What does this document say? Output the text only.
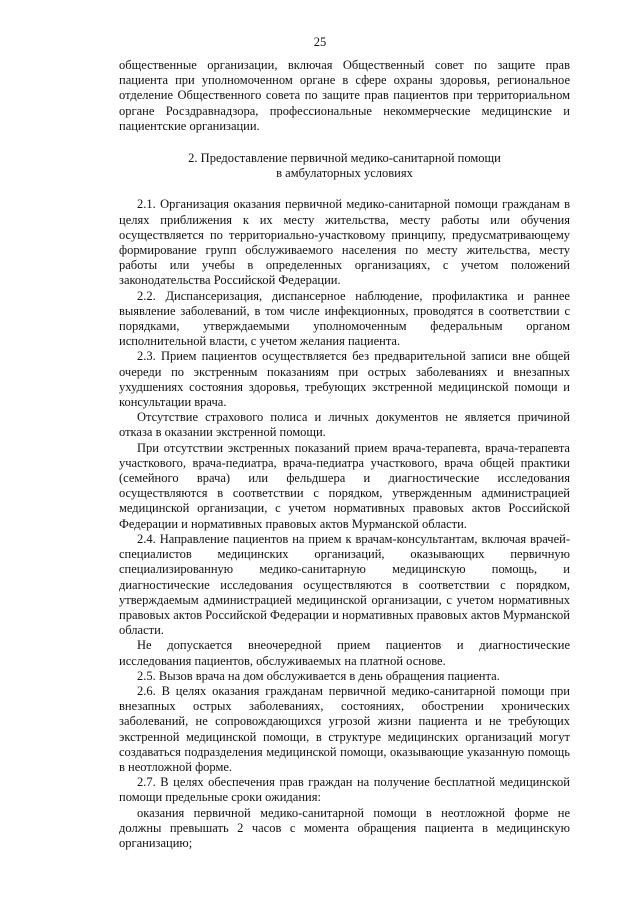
25

общественные организации, включая Общественный совет по защите прав пациента при уполномоченном органе в сфере охраны здоровья, региональное отделение Общественного совета по защите прав пациентов при территориальном органе Росздравнадзора, профессиональные некоммерческие медицинские и пациентские организации.

2. Предоставление первичной медико-санитарной помощи
в амбулаторных условиях

2.1. Организация оказания первичной медико-санитарной помощи гражданам в целях приближения к их месту жительства, месту работы или обучения осуществляется по территориально-участковому принципу, предусматривающему формирование групп обслуживаемого населения по месту жительства, месту работы или учебы в определенных организациях, с учетом положений законодательства Российской Федерации.

2.2. Диспансеризация, диспансерное наблюдение, профилактика и раннее выявление заболеваний, в том числе инфекционных, проводятся в соответствии с порядками, утверждаемыми уполномоченным федеральным органом исполнительной власти, с учетом желания пациента.

2.3. Прием пациентов осуществляется без предварительной записи вне общей очереди по экстренным показаниям при острых заболеваниях и внезапных ухудшениях состояния здоровья, требующих экстренной медицинской помощи и консультации врача.

Отсутствие страхового полиса и личных документов не является причиной отказа в оказании экстренной помощи.

При отсутствии экстренных показаний прием врача-терапевта, врача-терапевта участкового, врача-педиатра, врача-педиатра участкового, врача общей практики (семейного врача) или фельдшера и диагностические исследования осуществляются в соответствии с порядком, утвержденным администрацией медицинской организации, с учетом нормативных правовых актов Российской Федерации и нормативных правовых актов Мурманской области.

2.4. Направление пациентов на прием к врачам-консультантам, включая врачей-специалистов медицинских организаций, оказывающих первичную специализированную медико-санитарную медицинскую помощь, и диагностические исследования осуществляются в соответствии с порядком, утверждаемым администрацией медицинской организации, с учетом нормативных правовых актов Российской Федерации и нормативных правовых актов Мурманской области.

Не допускается внеочередной прием пациентов и диагностические исследования пациентов, обслуживаемых на платной основе.

2.5. Вызов врача на дом обслуживается в день обращения пациента.

2.6. В целях оказания гражданам первичной медико-санитарной помощи при внезапных острых заболеваниях, состояниях, обострении хронических заболеваний, не сопровождающихся угрозой жизни пациента и не требующих экстренной медицинской помощи, в структуре медицинских организаций могут создаваться подразделения медицинской помощи, оказывающие указанную помощь в неотложной форме.

2.7. В целях обеспечения прав граждан на получение бесплатной медицинской помощи предельные сроки ожидания:

оказания первичной медико-санитарной помощи в неотложной форме не должны превышать 2 часов с момента обращения пациента в медицинскую организацию;
